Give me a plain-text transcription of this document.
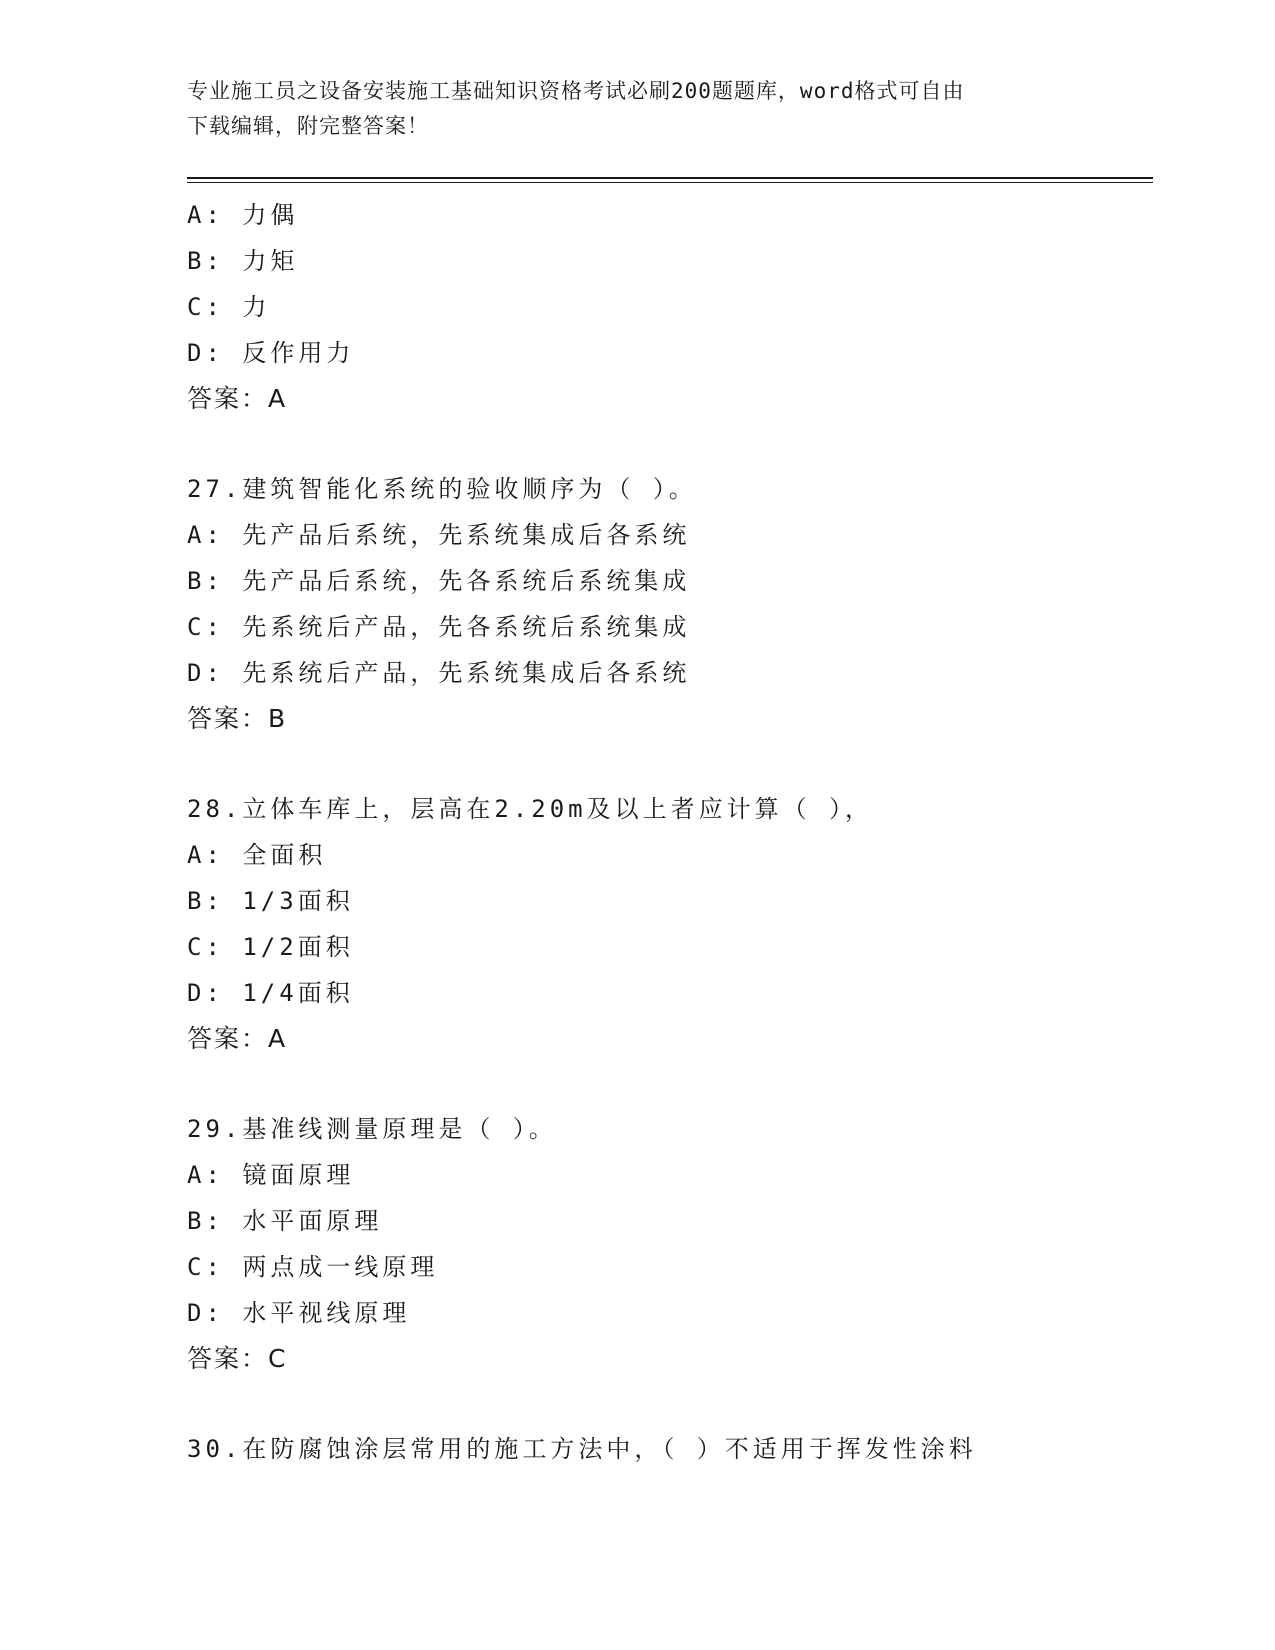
专业施工员之设备安装施工基础知识资格考试必刷200题题库，word格式可自由
下载编辑，附完整答案！
A: 力偶
B: 力矩
C: 力
D: 反作用力
答案：A
27.建筑智能化系统的验收顺序为（ ）。
A: 先产品后系统，先系统集成后各系统
B: 先产品后系统，先各系统后系统集成
C: 先系统后产品，先各系统后系统集成
D: 先系统后产品，先系统集成后各系统
答案：B
28.立体车库上，层高在2.20m及以上者应计算（ ），
A: 全面积
B: 1/3面积
C: 1/2面积
D: 1/4面积
答案：A
29.基准线测量原理是（ ）。
A: 镜面原理
B: 水平面原理
C: 两点成一线原理
D: 水平视线原理
答案：C
30.在防腐蚀涂层常用的施工方法中，（ ）不适用于挥发性涂料
